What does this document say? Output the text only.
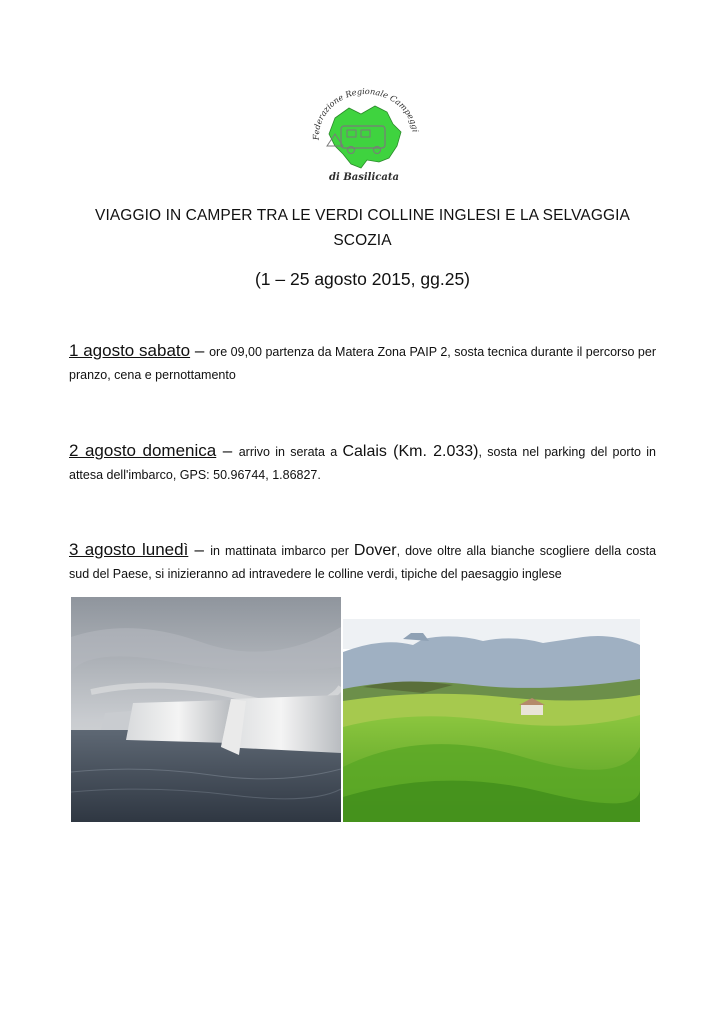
Federazione Regionale Campeggi
di Basilicata
VIAGGIO IN CAMPER TRA LE VERDI COLLINE INGLESI E LA SELVAGGIA
SCOZIA
(1 – 25 agosto 2015, gg.25)
1 agosto sabato – ore 09,00 partenza da Matera Zona PAIP 2, sosta tecnica durante il percorso per pranzo, cena e pernottamento
2 agosto domenica – arrivo in serata a Calais (Km. 2.033), sosta nel parking del porto in attesa dell'imbarco, GPS: 50.96744, 1.86827.
3 agosto lunedì – in mattinata imbarco per Dover, dove oltre alla bianche scogliere della costa sud del Paese, si inizieranno ad intravedere le colline verdi, tipiche del paesaggio inglese
